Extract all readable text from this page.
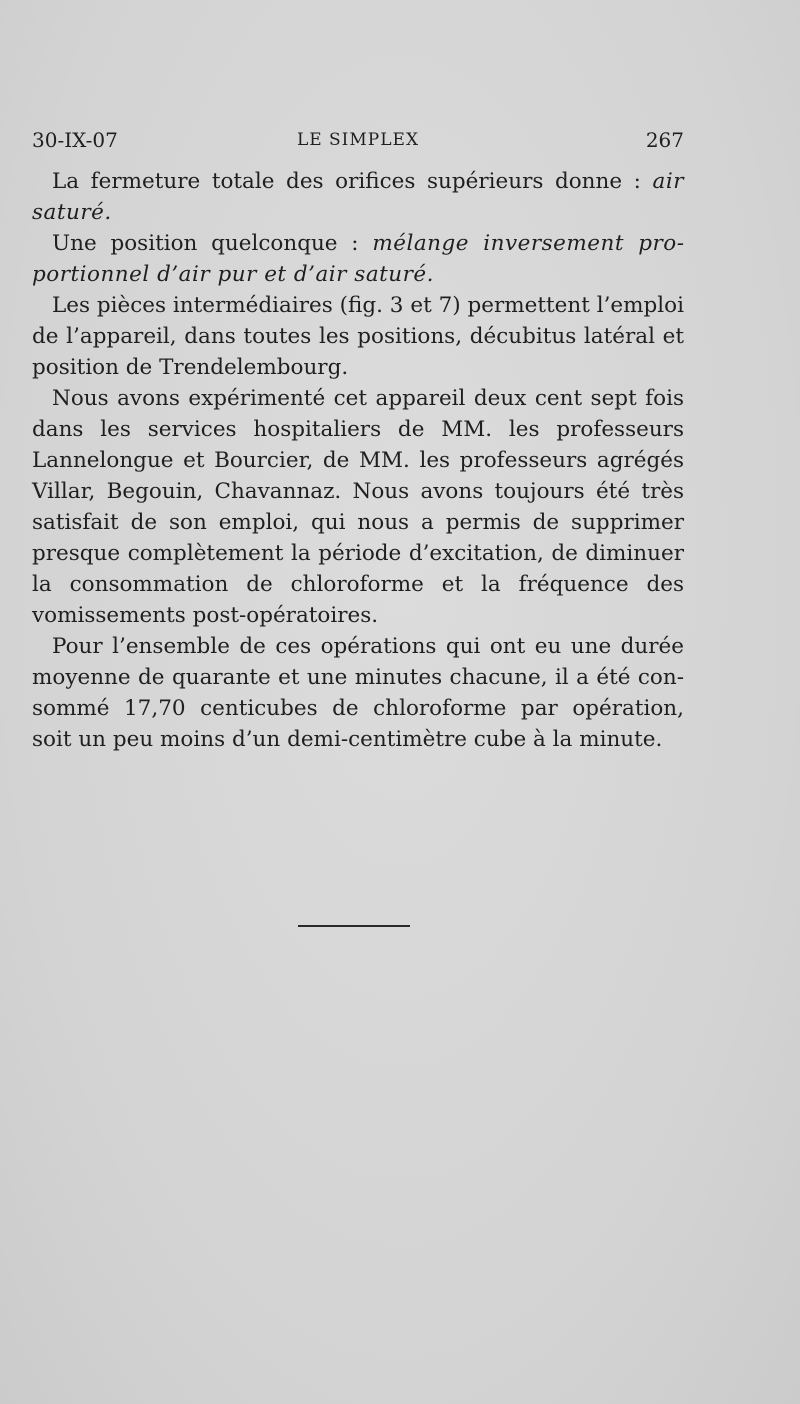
30-IX-07	LE SIMPLEX	267

La fermeture totale des orifices supérieurs donne : air saturé.

Une position quelconque : mélange inversement proportionnel d’air pur et d’air saturé.

Les pièces intermédiaires (fig. 3 et 7) permettent l’emploi de l’appareil, dans toutes les positions, décubitus latéral et position de Trendelembourg.

Nous avons expérimenté cet appareil deux cent sept fois dans les services hospitaliers de MM. les professeurs Lannelongue et Bourcier, de MM. les professeurs agrégés Villar, Begouin, Chavannaz. Nous avons toujours été très satisfait de son emploi, qui nous a permis de supprimer presque complètement la période d’excitation, de diminuer la consommation de chloroforme et la fréquence des vomissements post-opératoires.

Pour l’ensemble de ces opérations qui ont eu une durée moyenne de quarante et une minutes chacune, il a été consommé 17,70 centicubes de chloroforme par opération, soit un peu moins d’un demi-centimètre cube à la minute.
